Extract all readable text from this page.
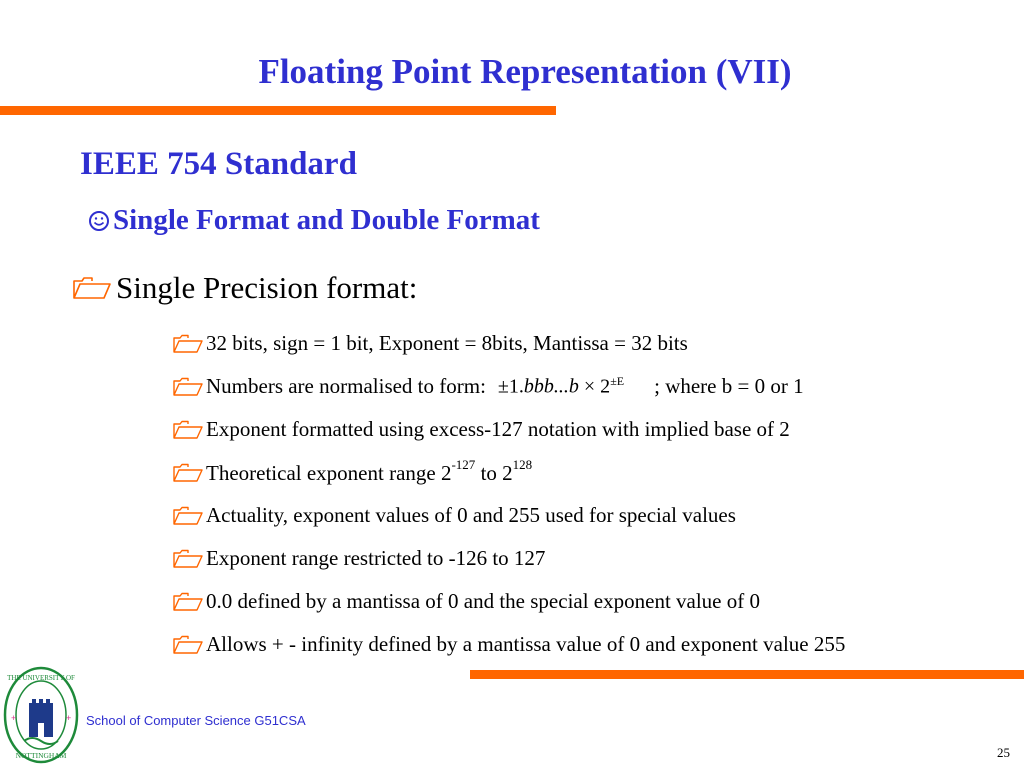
Floating Point Representation (VII)
IEEE 754 Standard
Single Format and Double Format
Single Precision format:
32 bits, sign = 1 bit, Exponent = 8bits, Mantissa = 32 bits
Numbers are normalised to form: $\pm 1.bbb...b \times 2^{\pm E}$ ; where b = 0 or 1
Exponent formatted using excess-127 notation with implied base of 2
Theoretical exponent range $2^{-127}$ to $2^{128}$
Actuality, exponent values of 0 and 255 used for special values
Exponent range restricted to -126 to 127
0.0 defined by a mantissa of 0 and the special exponent value of 0
Allows + - infinity defined by a mantissa value of 0 and exponent value 255
THE UNIVERSITY OF
NOTTINGHAM
+	+ School of Computer Science G51CSA
25
